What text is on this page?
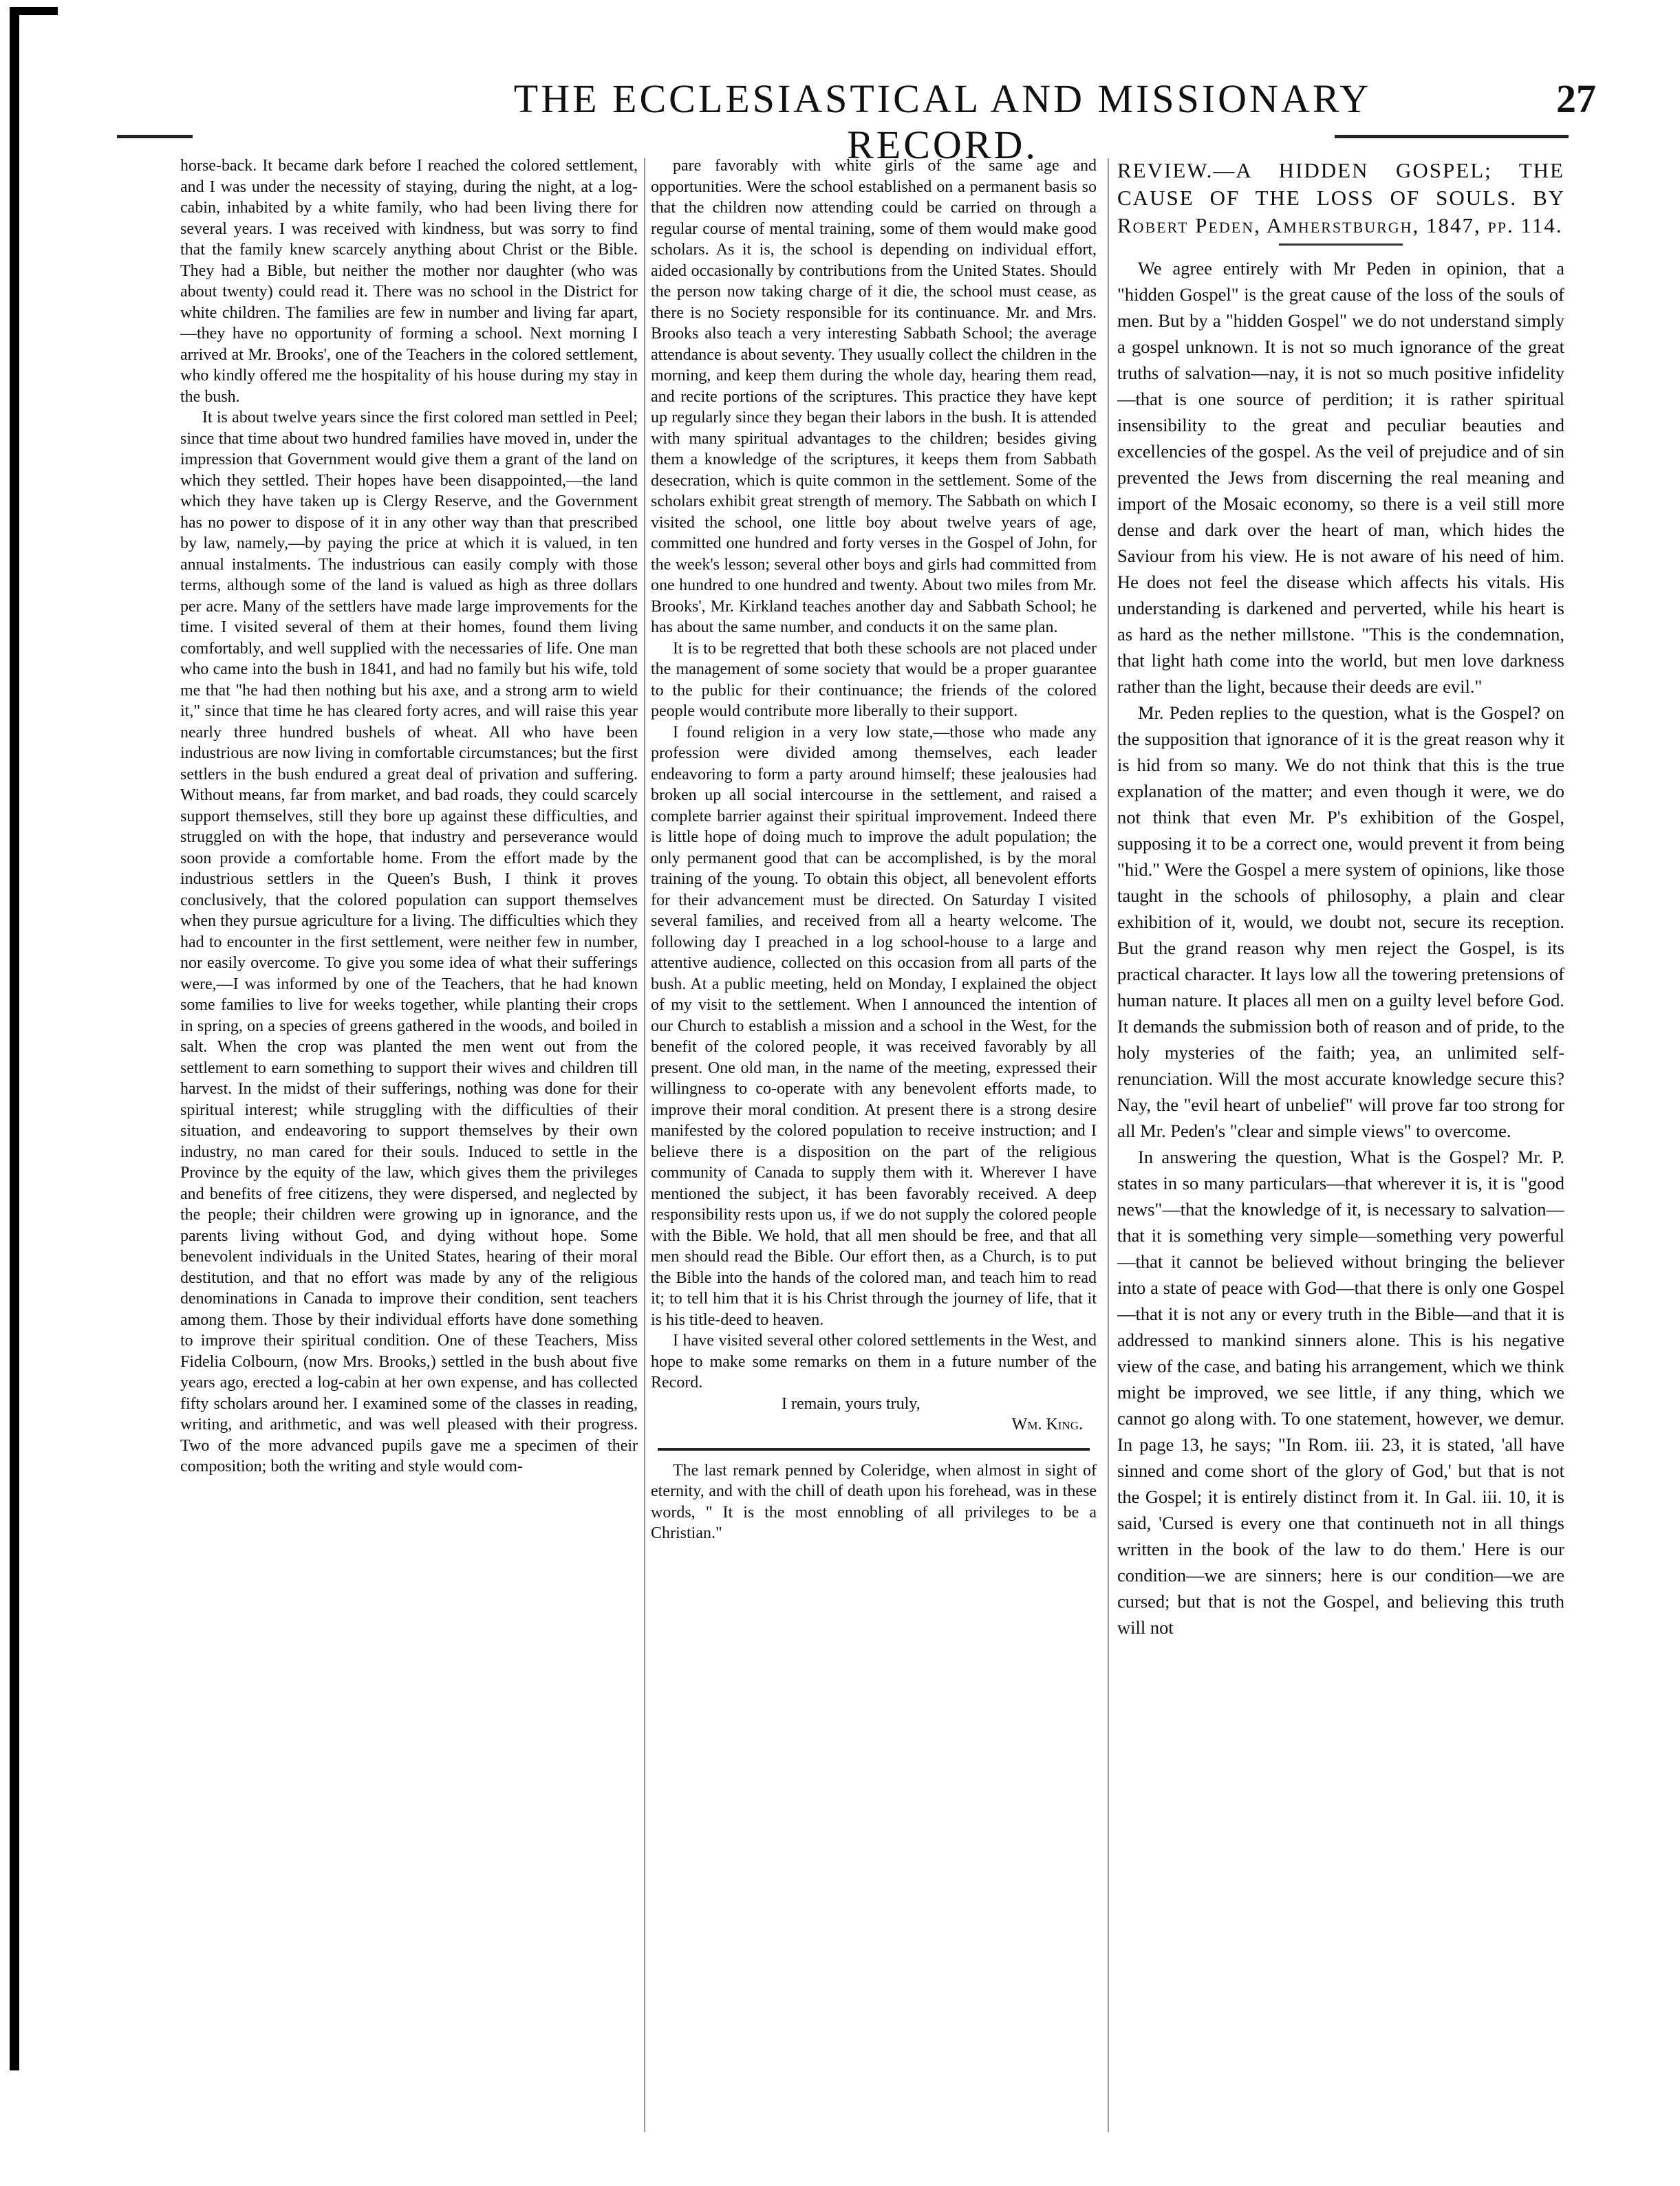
THE ECCLESIASTICAL AND MISSIONARY RECORD.
27

horse-back. It became dark before I reached the colored settlement, and I was under the necessity of staying, during the night, at a log-cabin, inhabited by a white family, who had been living there for several years. I was received with kindness, but was sorry to find that the family knew scarcely anything about Christ or the Bible. They had a Bible, but neither the mother nor daughter (who was about twenty) could read it. There was no school in the District for white children. The families are few in number and living far apart, —they have no opportunity of forming a school. Next morning I arrived at Mr. Brooks', one of the Teachers in the colored settlement, who kindly offered me the hospitality of his house during my stay in the bush.

It is about twelve years since the first colored man settled in Peel; since that time about two hundred families have moved in, under the impression that Government would give them a grant of the land on which they settled. Their hopes have been disappointed,—the land which they have taken up is Clergy Reserve, and the Government has no power to dispose of it in any other way than that prescribed by law, namely,—by paying the price at which it is valued, in ten annual instalments. The industrious can easily comply with those terms, although some of the land is valued as high as three dollars per acre. Many of the settlers have made large improvements for the time. I visited several of them at their homes, found them living comfortably, and well supplied with the necessaries of life. One man who came into the bush in 1841, and had no family but his wife, told me that "he had then nothing but his axe, and a strong arm to wield it," since that time he has cleared forty acres, and will raise this year nearly three hundred bushels of wheat. All who have been industrious are now living in comfortable circumstances; but the first settlers in the bush endured a great deal of privation and suffering. Without means, far from market, and bad roads, they could scarcely support themselves, still they bore up against these difficulties, and struggled on with the hope, that industry and perseverance would soon provide a comfortable home. From the effort made by the industrious settlers in the Queen's Bush, I think it proves conclusively, that the colored population can support themselves when they pursue agriculture for a living. The difficulties which they had to encounter in the first settlement, were neither few in number, nor easily overcome. To give you some idea of what their sufferings were,—I was informed by one of the Teachers, that he had known some families to live for weeks together, while planting their crops in spring, on a species of greens gathered in the woods, and boiled in salt. When the crop was planted the men went out from the settlement to earn something to support their wives and children till harvest. In the midst of their sufferings, nothing was done for their spiritual interest; while struggling with the difficulties of their situation, and endeavoring to support themselves by their own industry, no man cared for their souls. Induced to settle in the Province by the equity of the law, which gives them the privileges and benefits of free citizens, they were dispersed, and neglected by the people; their children were growing up in ignorance, and the parents living without God, and dying without hope. Some benevolent individuals in the United States, hearing of their moral destitution, and that no effort was made by any of the religious denominations in Canada to improve their condition, sent teachers among them. Those by their individual efforts have done something to improve their spiritual condition. One of these Teachers, Miss Fidelia Colbourn, (now Mrs. Brooks,) settled in the bush about five years ago, erected a log-cabin at her own expense, and has collected fifty scholars around her. I examined some of the classes in reading, writing, and arithmetic, and was well pleased with their progress. Two of the more advanced pupils gave me a specimen of their composition; both the writing and style would com-

pare favorably with white girls of the same age and opportunities. Were the school established on a permanent basis so that the children now attending could be carried on through a regular course of mental training, some of them would make good scholars. As it is, the school is depending on individual effort, aided occasionally by contributions from the United States. Should the person now taking charge of it die, the school must cease, as there is no Society responsible for its continuance. Mr. and Mrs. Brooks also teach a very interesting Sabbath School; the average attendance is about seventy. They usually collect the children in the morning, and keep them during the whole day, hearing them read, and recite portions of the scriptures. This practice they have kept up regularly since they began their labors in the bush. It is attended with many spiritual advantages to the children; besides giving them a knowledge of the scriptures, it keeps them from Sabbath desecration, which is quite common in the settlement. Some of the scholars exhibit great strength of memory. The Sabbath on which I visited the school, one little boy about twelve years of age, committed one hundred and forty verses in the Gospel of John, for the week's lesson; several other boys and girls had committed from one hundred to one hundred and twenty. About two miles from Mr. Brooks', Mr. Kirkland teaches another day and Sabbath School; he has about the same number, and conducts it on the same plan.

It is to be regretted that both these schools are not placed under the management of some society that would be a proper guarantee to the public for their continuance; the friends of the colored people would contribute more liberally to their support.

I found religion in a very low state,—those who made any profession were divided among themselves, each leader endeavoring to form a party around himself; these jealousies had broken up all social intercourse in the settlement, and raised a complete barrier against their spiritual improvement. Indeed there is little hope of doing much to improve the adult population; the only permanent good that can be accomplished, is by the moral training of the young. To obtain this object, all benevolent efforts for their advancement must be directed. On Saturday I visited several families, and received from all a hearty welcome. The following day I preached in a log school-house to a large and attentive audience, collected on this occasion from all parts of the bush. At a public meeting, held on Monday, I explained the object of my visit to the settlement. When I announced the intention of our Church to establish a mission and a school in the West, for the benefit of the colored people, it was received favorably by all present. One old man, in the name of the meeting, expressed their willingness to co-operate with any benevolent efforts made, to improve their moral condition. At present there is a strong desire manifested by the colored population to receive instruction; and I believe there is a disposition on the part of the religious community of Canada to supply them with it. Wherever I have mentioned the subject, it has been favorably received. A deep responsibility rests upon us, if we do not supply the colored people with the Bible. We hold, that all men should be free, and that all men should read the Bible. Our effort then, as a Church, is to put the Bible into the hands of the colored man, and teach him to read it; to tell him that it is his Christ through the journey of life, that it is his title-deed to heaven.

I have visited several other colored settlements in the West, and hope to make some remarks on them in a future number of the Record.

I remain, yours truly,

Wm. King.

The last remark penned by Coleridge, when almost in sight of eternity, and with the chill of death upon his forehead, was in these words, " It is the most ennobling of all privileges to be a Christian."

REVIEW.—A HIDDEN GOSPEL; THE CAUSE OF THE LOSS OF SOULS. BY Robert Peden, Amherstburgh, 1847, pp. 114.

We agree entirely with Mr Peden in opinion, that a "hidden Gospel" is the great cause of the loss of the souls of men. But by a "hidden Gospel" we do not understand simply a gospel unknown. It is not so much ignorance of the great truths of salvation—nay, it is not so much positive infidelity—that is one source of perdition; it is rather spiritual insensibility to the great and peculiar beauties and excellencies of the gospel. As the veil of prejudice and of sin prevented the Jews from discerning the real meaning and import of the Mosaic economy, so there is a veil still more dense and dark over the heart of man, which hides the Saviour from his view. He is not aware of his need of him. He does not feel the disease which affects his vitals. His understanding is darkened and perverted, while his heart is as hard as the nether millstone. "This is the condemnation, that light hath come into the world, but men love darkness rather than the light, because their deeds are evil."

Mr. Peden replies to the question, what is the Gospel? on the supposition that ignorance of it is the great reason why it is hid from so many. We do not think that this is the true explanation of the matter; and even though it were, we do not think that even Mr. P's exhibition of the Gospel, supposing it to be a correct one, would prevent it from being "hid." Were the Gospel a mere system of opinions, like those taught in the schools of philosophy, a plain and clear exhibition of it, would, we doubt not, secure its reception. But the grand reason why men reject the Gospel, is its practical character. It lays low all the towering pretensions of human nature. It places all men on a guilty level before God. It demands the submission both of reason and of pride, to the holy mysteries of the faith; yea, an unlimited self-renunciation. Will the most accurate knowledge secure this? Nay, the "evil heart of unbelief" will prove far too strong for all Mr. Peden's "clear and simple views" to overcome.

In answering the question, What is the Gospel? Mr. P. states in so many particulars—that wherever it is, it is "good news"—that the knowledge of it, is necessary to salvation—that it is something very simple—something very powerful—that it cannot be believed without bringing the believer into a state of peace with God—that there is only one Gospel—that it is not any or every truth in the Bible—and that it is addressed to mankind sinners alone. This is his negative view of the case, and bating his arrangement, which we think might be improved, we see little, if any thing, which we cannot go along with. To one statement, however, we demur. In page 13, he says; "In Rom. iii. 23, it is stated, 'all have sinned and come short of the glory of God,' but that is not the Gospel; it is entirely distinct from it. In Gal. iii. 10, it is said, 'Cursed is every one that continueth not in all things written in the book of the law to do them.' Here is our condition—we are sinners; here is our condition—we are cursed; but that is not the Gospel, and believing this truth will not
